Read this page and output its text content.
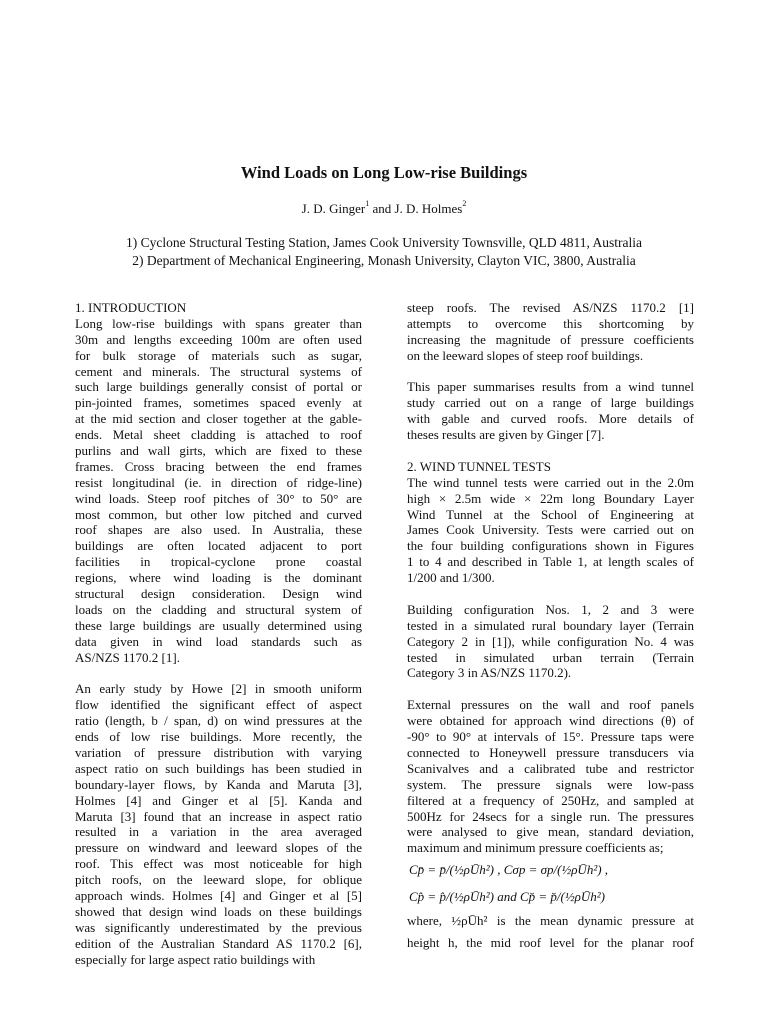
Wind Loads on Long Low-rise Buildings
J. D. Ginger$^1$ and J. D. Holmes$^2$
1) Cyclone Structural Testing Station, James Cook University Townsville, QLD 4811, Australia
2) Department of Mechanical Engineering, Monash University, Clayton VIC, 3800, Australia
1. INTRODUCTION
Long low-rise buildings with spans greater than
30m and lengths exceeding 100m are often used
for bulk storage of materials such as sugar,
cement and minerals. The structural systems of
such large buildings generally consist of portal or
pin-jointed frames, sometimes spaced evenly at
at the mid section and closer together at the gable-
ends. Metal sheet cladding is attached to roof
purlins and wall girts, which are fixed to these
frames. Cross bracing between the end frames
resist longitudinal (ie. in direction of ridge-line)
wind loads. Steep roof pitches of 30° to 50° are
most common, but other low pitched and curved
roof shapes are also used. In Australia, these
buildings are often located adjacent to port
facilities in tropical-cyclone prone coastal
regions, where wind loading is the dominant
structural design consideration. Design wind
loads on the cladding and structural system of
these large buildings are usually determined using
data given in wind load standards such as
AS/NZS 1170.2 [1].
An early study by Howe [2] in smooth uniform
flow identified the significant effect of aspect
ratio (length, b / span, d) on wind pressures at the
ends of low rise buildings. More recently, the
variation of pressure distribution with varying
aspect ratio on such buildings has been studied in
boundary-layer flows, by Kanda and Maruta [3],
Holmes [4] and Ginger et al [5]. Kanda and
Maruta [3] found that an increase in aspect ratio
resulted in a variation in the area averaged
pressure on windward and leeward slopes of the
roof. This effect was most noticeable for high
pitch roofs, on the leeward slope, for oblique
approach winds. Holmes [4] and Ginger et al [5]
showed that design wind loads on these buildings
was significantly underestimated by the previous
edition of the Australian Standard AS 1170.2 [6],
especially for large aspect ratio buildings with
steep roofs. The revised AS/NZS 1170.2 [1]
attempts to overcome this shortcoming by
increasing the magnitude of pressure coefficients
on the leeward slopes of steep roof buildings.
This paper summarises results from a wind tunnel
study carried out on a range of large buildings
with gable and curved roofs. More details of
theses results are given by Ginger [7].
2. WIND TUNNEL TESTS
The wind tunnel tests were carried out in the 2.0m
high × 2.5m wide × 22m long Boundary Layer
Wind Tunnel at the School of Engineering at
James Cook University. Tests were carried out on
the four building configurations shown in Figures
1 to 4 and described in Table 1, at length scales of
1/200 and 1/300.
Building configuration Nos. 1, 2 and 3 were
tested in a simulated rural boundary layer (Terrain
Category 2 in [1]), while configuration No. 4 was
tested in simulated urban terrain (Terrain
Category 3 in AS/NZS 1170.2).
External pressures on the wall and roof panels
were obtained for approach wind directions (θ) of
-90° to 90° at intervals of 15°. Pressure taps were
connected to Honeywell pressure transducers via
Scanivalves and a calibrated tube and restrictor
system. The pressure signals were low-pass
filtered at a frequency of 250Hz, and sampled at
500Hz for 24secs for a single run. The pressures
were analysed to give mean, standard deviation,
maximum and minimum pressure coefficients as;
Cp̄ = p̄/(½ρŪh²) , Cσp = σp/(½ρŪh²) ,
Cp̂ = p̂/(½ρŪh²) and Cp̆ = p̆/(½ρŪh²)
where, ½ρŪh² is the mean dynamic pressure at
height h, the mid roof level for the planar roof
